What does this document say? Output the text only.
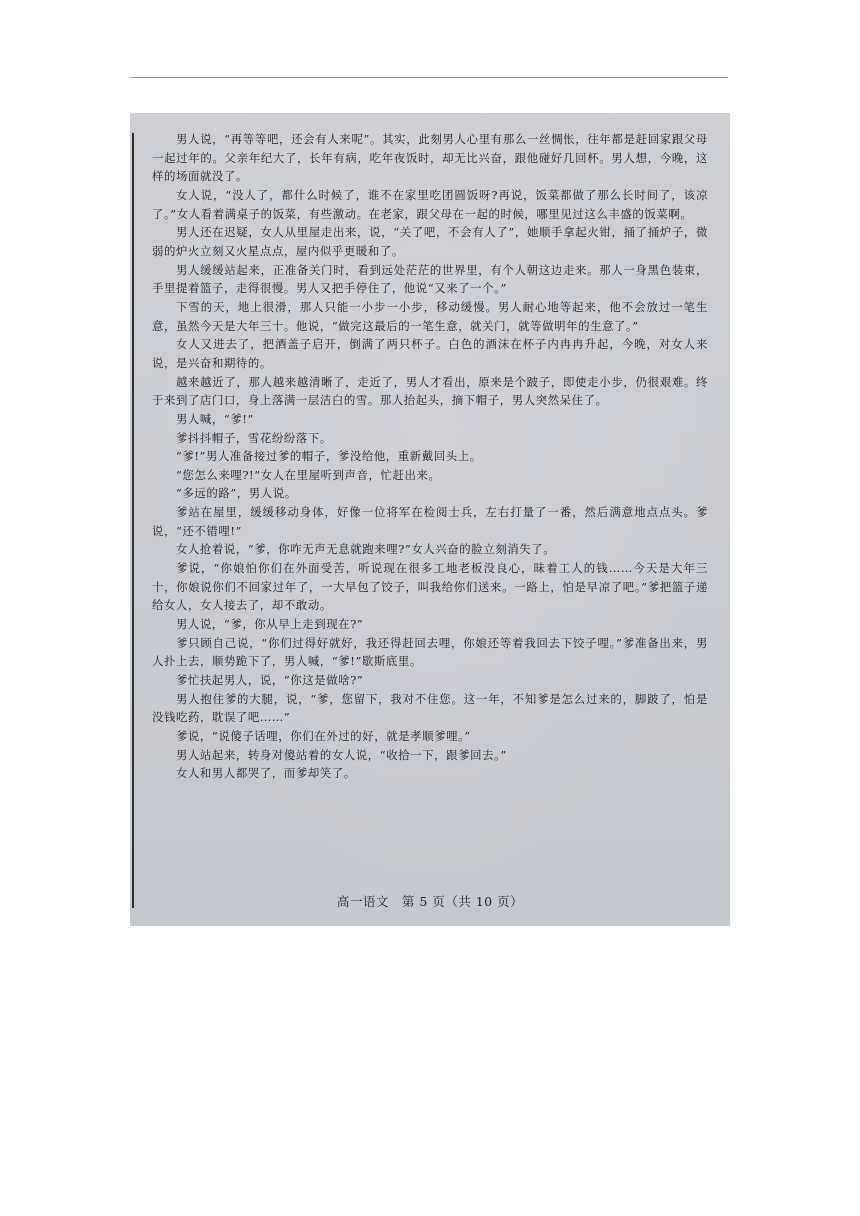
男人说，“再等等吧，还会有人来呢”。其实，此刻男人心里有那么一丝惆怅，往年都是赶回家跟父母一起过年的。父亲年纪大了，长年有病，吃年夜饭时，却无比兴奋，跟他碰好几回杯。男人想，今晚，这样的场面就没了。

女人说，“没人了，都什么时候了，谁不在家里吃团圆饭呀?再说，饭菜都做了那么长时间了，该凉了。”女人看着满桌子的饭菜，有些激动。在老家，跟父母在一起的时候，哪里见过这么丰盛的饭菜啊。

男人还在迟疑，女人从里屋走出来，说，“关了吧，不会有人了”，她顺手拿起火钳，捅了捅炉子，微弱的炉火立刻又火星点点，屋内似乎更暖和了。

男人缓缓站起来，正准备关门时，看到远处茫茫的世界里，有个人朝这边走来。那人一身黑色装束，手里提着篮子，走得很慢。男人又把手停住了，他说“又来了一个。”

下雪的天，地上很滑，那人只能一小步一小步，移动缓慢。男人耐心地等起来，他不会放过一笔生意，虽然今天是大年三十。他说，“做完这最后的一笔生意，就关门，就等做明年的生意了。”

女人又进去了，把酒盖子启开，倒满了两只杯子。白色的酒沫在杯子内冉冉升起，今晚，对女人来说，是兴奋和期待的。

越来越近了，那人越来越清晰了，走近了，男人才看出，原来是个跛子，即使走小步，仍很艰难。终于来到了店门口，身上落满一层洁白的雪。那人抬起头，摘下帽子，男人突然呆住了。

男人喊，“爹!”

爹抖抖帽子，雪花纷纷落下。

“爹!”男人准备接过爹的帽子，爹没给他，重新戴回头上。

“您怎么来哩?!”女人在里屋听到声音，忙赶出来。

“多远的路”，男人说。

爹站在屋里，缓缓移动身体，好像一位将军在检阅士兵，左右打量了一番，然后满意地点点头。爹说，“还不错哩!”

女人抢着说，“爹，你咋无声无息就跑来哩?”女人兴奋的脸立刻消失了。

爹说，“你娘怕你们在外面受苦，听说现在很多工地老板没良心，昧着工人的钱……今天是大年三十，你娘说你们不回家过年了，一大早包了饺子，叫我给你们送来。一路上，怕是早凉了吧。”爹把篮子递给女人，女人接去了，却不敢动。

男人说，“爹，你从早上走到现在?”

爹只顾自己说，“你们过得好就好，我还得赶回去哩，你娘还等着我回去下饺子哩。”爹准备出来，男人扑上去，顺势跪下了，男人喊，“爹!”歇斯底里。

爹忙扶起男人，说，“你这是做啥?”

男人抱住爹的大腿，说，“爹，您留下，我对不住您。这一年，不知爹是怎么过来的，脚跛了，怕是没钱吃药，耽误了吧……”

爹说，“说傻子话哩，你们在外过的好，就是孝顺爹哩。”

男人站起来，转身对傻站着的女人说，“收拾一下，跟爹回去。”

女人和男人都哭了，而爹却笑了。

高一语文　第 5 页（共 10 页）
